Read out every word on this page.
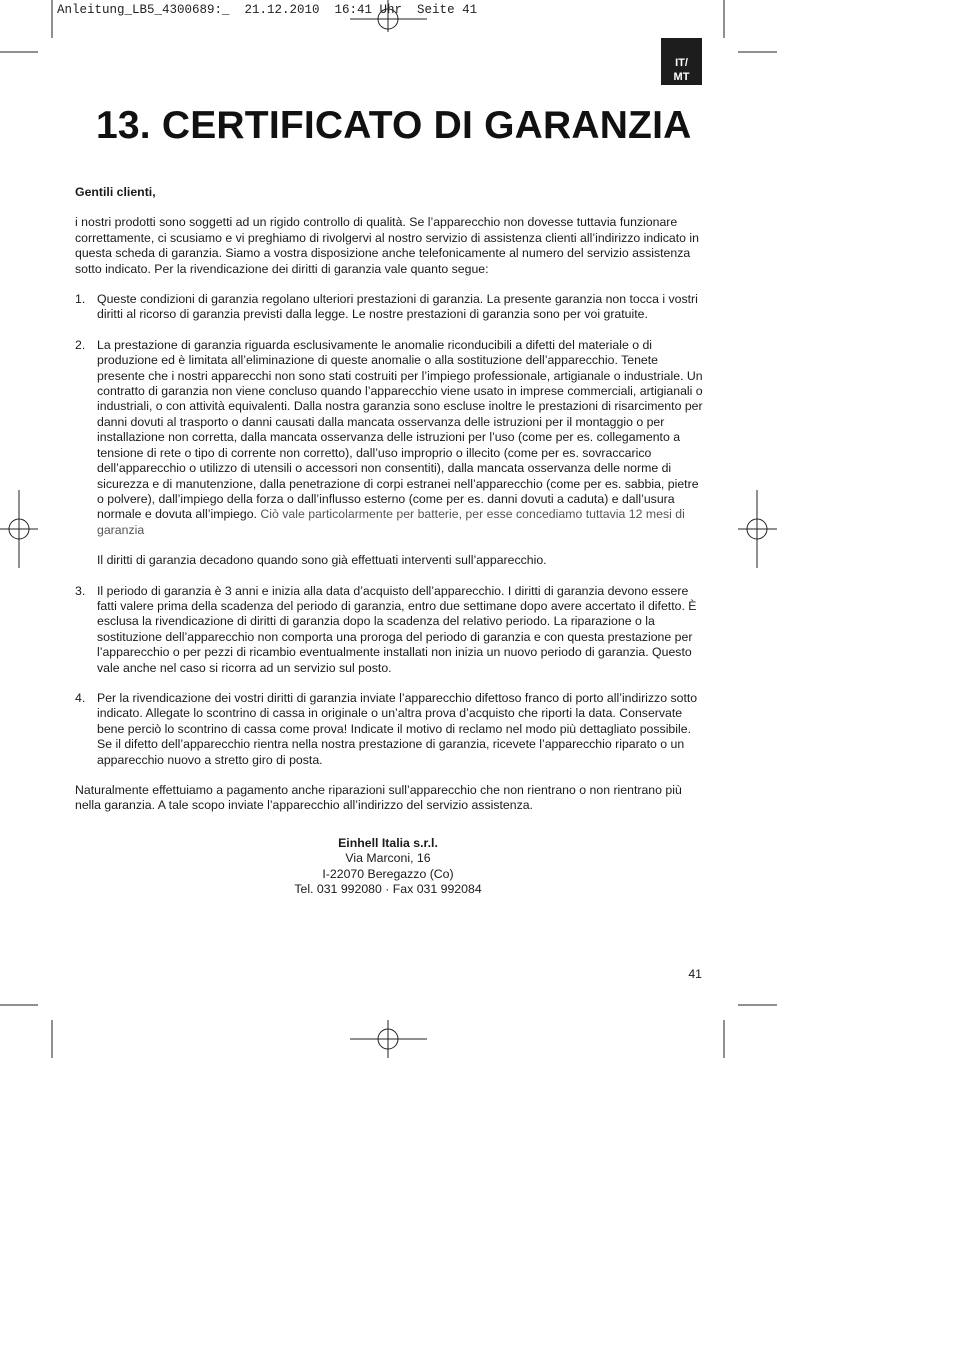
Anleitung_LB5_4300689:_  21.12.2010  16:41 Uhr  Seite 41
IT/
MT
13. CERTIFICATO DI GARANZIA

Gentili clienti,

i nostri prodotti sono soggetti ad un rigido controllo di qualità. Se l’apparecchio non dovesse tuttavia funzionare correttamente, ci scusiamo e vi preghiamo di rivolgervi al nostro servizio di assistenza clienti all’indirizzo indicato in questa scheda di garanzia. Siamo a vostra disposizione anche telefonicamente al numero del servizio assistenza sotto indicato. Per la rivendicazione dei diritti di garanzia vale quanto segue:

1. Queste condizioni di garanzia regolano ulteriori prestazioni di garanzia. La presente garanzia non tocca i vostri diritti al ricorso di garanzia previsti dalla legge. Le nostre prestazioni di garanzia sono per voi gratuite.
2. La prestazione di garanzia riguarda esclusivamente le anomalie riconducibili a difetti del materiale o di produzione ed è limitata all’eliminazione di queste anomalie o alla sostituzione dell’apparecchio. Tenete presente che i nostri apparecchi non sono stati costruiti per l’impiego professionale, artigianale o industriale. Un contratto di garanzia non viene concluso quando l’apparecchio viene usato in imprese commerciali, artigianali o industriali, o con attività equivalenti. Dalla nostra garanzia sono escluse inoltre le prestazioni di risarcimento per danni dovuti al trasporto o danni causati dalla mancata osservanza delle istruzioni per il montaggio o per installazione non corretta, dalla mancata osservanza delle istruzioni per l’uso (come per es. collegamento a tensione di rete o tipo di corrente non corretto), dall’uso improprio o illecito (come per es. sovraccarico dell’apparecchio o utilizzo di utensili o accessori non consentiti), dalla mancata osservanza delle norme di sicurezza e di manutenzione, dalla penetrazione di corpi estranei nell’apparecchio (come per es. sabbia, pietre o polvere), dall’impiego della forza o dall’influsso esterno (come per es. danni dovuti a caduta) e dall’usura normale e dovuta all’impiego. Ciò vale particolarmente per batterie, per esse concediamo tuttavia 12 mesi di garanzia
Il diritti di garanzia decadono quando sono già effettuati interventi sull’apparecchio.
3. Il periodo di garanzia è 3 anni e inizia alla data d’acquisto dell’apparecchio. I diritti di garanzia devono essere fatti valere prima della scadenza del periodo di garanzia, entro due settimane dopo avere accertato il difetto. È esclusa la rivendicazione di diritti di garanzia dopo la scadenza del relativo periodo. La riparazione o la sostituzione dell’apparecchio non comporta una proroga del periodo di garanzia e con questa prestazione per l’apparecchio o per pezzi di ricambio eventualmente installati non inizia un nuovo periodo di garanzia. Questo vale anche nel caso si ricorra ad un servizio sul posto.
4. Per la rivendicazione dei vostri diritti di garanzia inviate l’apparecchio difettoso franco di porto all’indirizzo sotto indicato. Allegate lo scontrino di cassa in originale o un’altra prova d’acquisto che riporti la data. Conservate bene perciò lo scontrino di cassa come prova! Indicate il motivo di reclamo nel modo più dettagliato possibile. Se il difetto dell’apparecchio rientra nella nostra prestazione di garanzia, ricevete l’apparecchio riparato o un apparecchio nuovo a stretto giro di posta.

Naturalmente effettuiamo a pagamento anche riparazioni sull’apparecchio che non rientrano o non rientrano più nella garanzia. A tale scopo inviate l’apparecchio all’indirizzo del servizio assistenza.

Einhell Italia s.r.l.
Via Marconi, 16
I-22070 Beregazzo (Co)
Tel. 031 992080 · Fax 031 992084
41
